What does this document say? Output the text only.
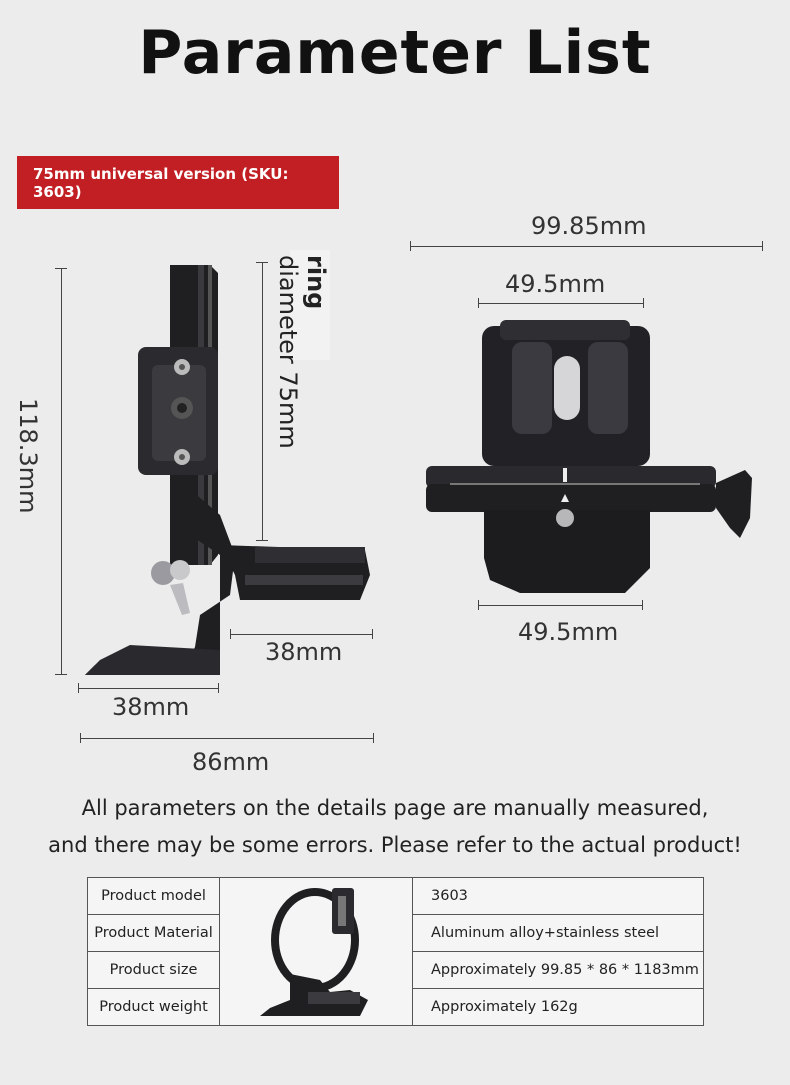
Parameter List
75mm universal version (SKU: 3603)
118.3mm
ring
diameter 75mm
38mm
38mm
86mm
99.85mm
49.5mm
49.5mm
All parameters on the details page are manually measured,
and there may be some errors. Please refer to the actual product!
Product model		3603
Product Material		Aluminum alloy+stainless steel
Product size		Approximately 99.85 * 86 * 1183mm
Product weight		Approximately 162g
